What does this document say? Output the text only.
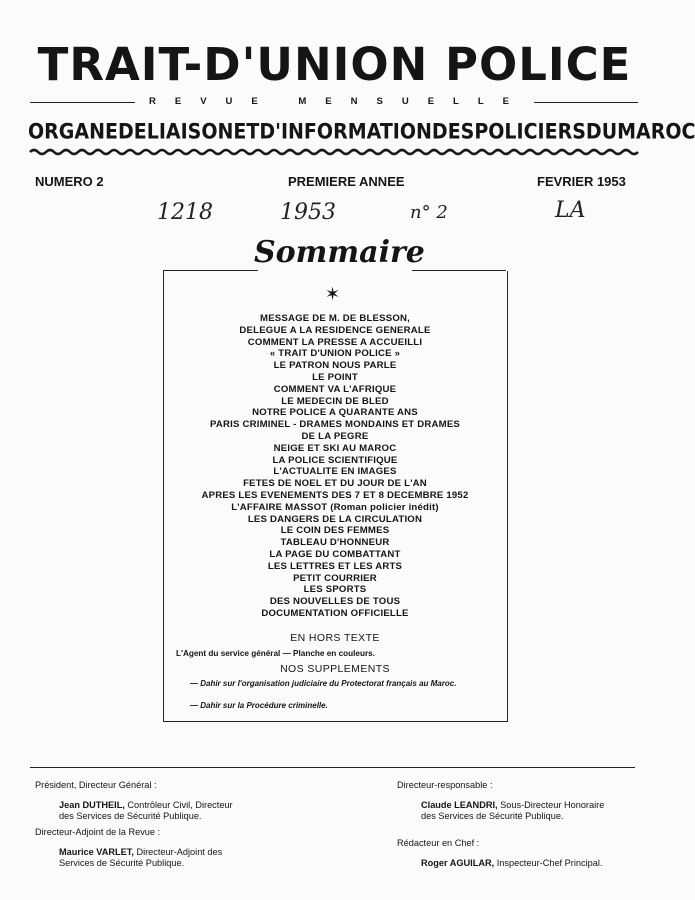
TRAIT-D'UNION POLICE
REVUE MENSUELLE
ORGANE DE LIAISON ET D'INFORMATION DES POLICIERS DU MAROC
NUMERO 2	PREMIERE ANNEE	FEVRIER 1953
1218	1953	n° 2	LA
Sommaire
✶
MESSAGE DE M. DE BLESSON,
DELEGUE A LA RESIDENCE GENERALE
COMMENT LA PRESSE A ACCUEILLI
« TRAIT D'UNION POLICE »
LE PATRON NOUS PARLE
LE POINT
COMMENT VA L'AFRIQUE
LE MEDECIN DE BLED
NOTRE POLICE A QUARANTE ANS
PARIS CRIMINEL - DRAMES MONDAINS ET DRAMES
DE LA PEGRE
NEIGE ET SKI AU MAROC
LA POLICE SCIENTIFIQUE
L'ACTUALITE EN IMAGES
FETES DE NOEL ET DU JOUR DE L'AN
APRES LES EVENEMENTS DES 7 ET 8 DECEMBRE 1952
L'AFFAIRE MASSOT (Roman policier inédit)
LES DANGERS DE LA CIRCULATION
LE COIN DES FEMMES
TABLEAU D'HONNEUR
LA PAGE DU COMBATTANT
LES LETTRES ET LES ARTS
PETIT COURRIER
LES SPORTS
DES NOUVELLES DE TOUS
DOCUMENTATION OFFICIELLE
EN HORS TEXTE
L'Agent du service général — Planche en couleurs.
NOS SUPPLEMENTS
— Dahir sur l'organisation judiciaire du Protectorat français au Maroc.
— Dahir sur la Procédure criminelle.
Président, Directeur Général :
Jean DUTHEIL, Contrôleur Civil, Directeur
des Services de Sécurité Publique.
Directeur-Adjoint de la Revue :
Maurice VARLET, Directeur-Adjoint des
Services de Sécurité Publique.
Directeur-responsable :
Claude LEANDRI, Sous-Directeur Honoraire
des Services de Sécurité Publique.
Rédacteur en Chef :
Roger AGUILAR, Inspecteur-Chef Principal.
